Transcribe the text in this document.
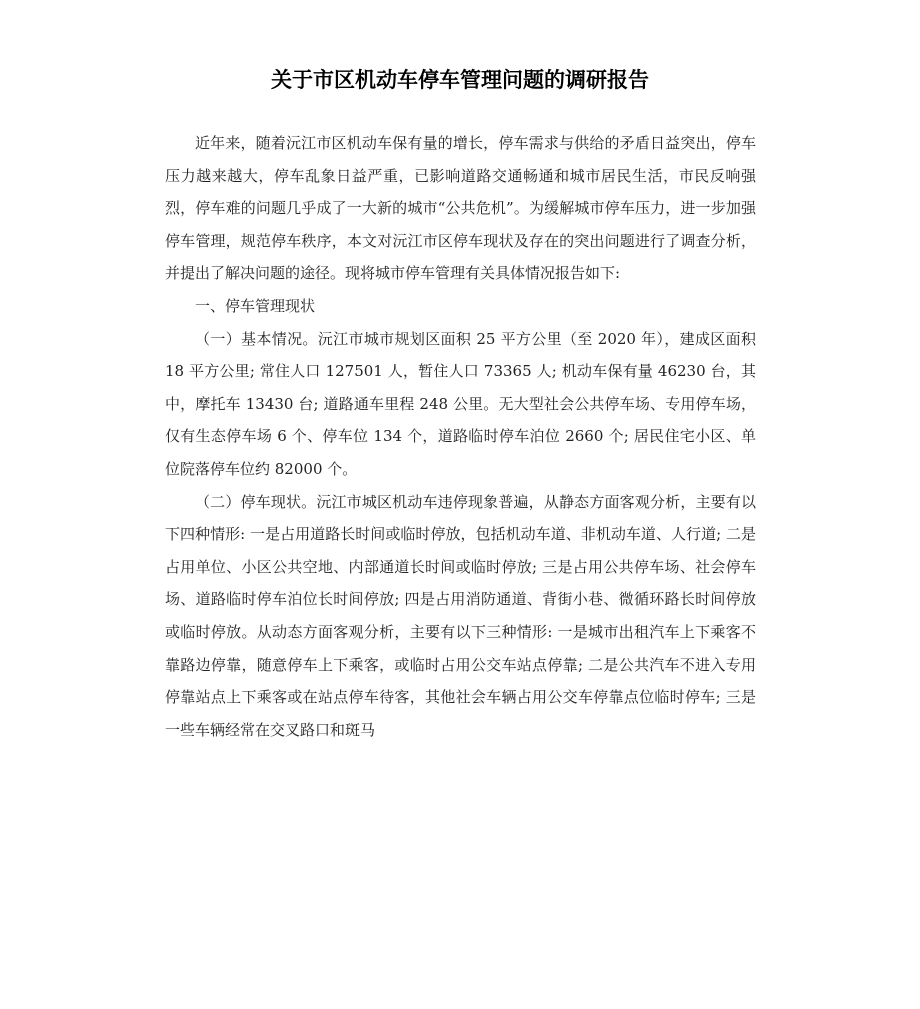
关于市区机动车停车管理问题的调研报告

近年来，随着沅江市区机动车保有量的增长，停车需求与供给的矛盾日益突出，停车压力越来越大，停车乱象日益严重，已影响道路交通畅通和城市居民生活，市民反响强烈，停车难的问题几乎成了一大新的城市“公共危机”。为缓解城市停车压力，进一步加强停车管理，规范停车秩序，本文对沅江市区停车现状及存在的突出问题进行了调查分析，并提出了解决问题的途径。现将城市停车管理有关具体情况报告如下:

一、停车管理现状

（一）基本情况。沅江市城市规划区面积 25 平方公里（至 2020 年），建成区面积 18 平方公里; 常住人口 127501 人，暂住人口 73365 人; 机动车保有量 46230 台，其中，摩托车 13430 台; 道路通车里程 248 公里。无大型社会公共停车场、专用停车场，仅有生态停车场 6 个、停车位 134 个，道路临时停车泊位 2660 个; 居民住宅小区、单位院落停车位约 82000 个。

（二）停车现状。沅江市城区机动车违停现象普遍，从静态方面客观分析，主要有以下四种情形: 一是占用道路长时间或临时停放，包括机动车道、非机动车道、人行道; 二是占用单位、小区公共空地、内部通道长时间或临时停放; 三是占用公共停车场、社会停车场、道路临时停车泊位长时间停放; 四是占用消防通道、背街小巷、微循环路长时间停放或临时停放。从动态方面客观分析，主要有以下三种情形: 一是城市出租汽车上下乘客不靠路边停靠，随意停车上下乘客，或临时占用公交车站点停靠; 二是公共汽车不进入专用停靠站点上下乘客或在站点停车待客，其他社会车辆占用公交车停靠点位临时停车; 三是一些车辆经常在交叉路口和斑马
